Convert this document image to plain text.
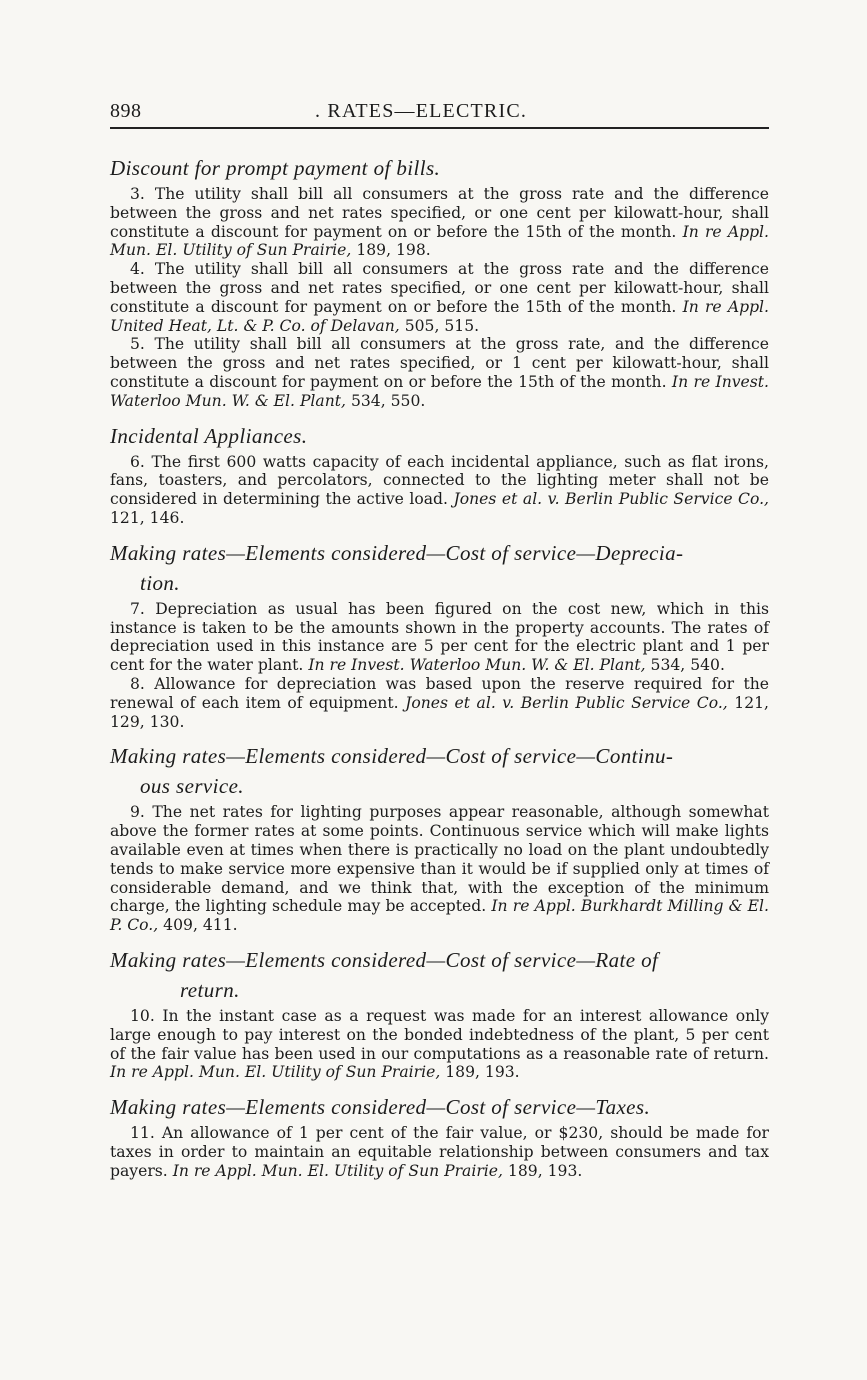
898	. RATES—ELECTRIC.
Discount for prompt payment of bills.

3. The utility shall bill all consumers at the gross rate and the difference between the gross and net rates specified, or one cent per kilowatt-hour, shall constitute a discount for payment on or before the 15th of the month. In re Appl. Mun. El. Utility of Sun Prairie, 189, 198.

4. The utility shall bill all consumers at the gross rate and the difference between the gross and net rates specified, or one cent per kilowatt-hour, shall constitute a discount for payment on or before the 15th of the month. In re Appl. United Heat, Lt. & P. Co. of Delavan, 505, 515.

5. The utility shall bill all consumers at the gross rate, and the difference between the gross and net rates specified, or 1 cent per kilowatt-hour, shall constitute a discount for payment on or before the 15th of the month. In re Invest. Waterloo Mun. W. & El. Plant, 534, 550.

Incidental Appliances.

6. The first 600 watts capacity of each incidental appliance, such as flat irons, fans, toasters, and percolators, connected to the lighting meter shall not be considered in determining the active load. Jones et al. v. Berlin Public Service Co., 121, 146.

Making rates—Elements considered—Cost of service—Deprecia-
tion.

7. Depreciation as usual has been figured on the cost new, which in this instance is taken to be the amounts shown in the property accounts. The rates of depreciation used in this instance are 5 per cent for the electric plant and 1 per cent for the water plant. In re Invest. Waterloo Mun. W. & El. Plant, 534, 540.

8. Allowance for depreciation was based upon the reserve required for the renewal of each item of equipment. Jones et al. v. Berlin Public Service Co., 121, 129, 130.

Making rates—Elements considered—Cost of service—Continu-
ous service.

9. The net rates for lighting purposes appear reasonable, although somewhat above the former rates at some points. Continuous service which will make lights available even at times when there is practically no load on the plant undoubtedly tends to make service more expensive than it would be if supplied only at times of considerable demand, and we think that, with the exception of the minimum charge, the lighting schedule may be accepted. In re Appl. Burkhardt Milling & El. P. Co., 409, 411.

Making rates—Elements considered—Cost of service—Rate of
return.

10. In the instant case as a request was made for an interest allowance only large enough to pay interest on the bonded indebtedness of the plant, 5 per cent of the fair value has been used in our computations as a reasonable rate of return. In re Appl. Mun. El. Utility of Sun Prairie, 189, 193.

Making rates—Elements considered—Cost of service—Taxes.

11. An allowance of 1 per cent of the fair value, or $230, should be made for taxes in order to maintain an equitable relationship between consumers and tax payers. In re Appl. Mun. El. Utility of Sun Prairie, 189, 193.
